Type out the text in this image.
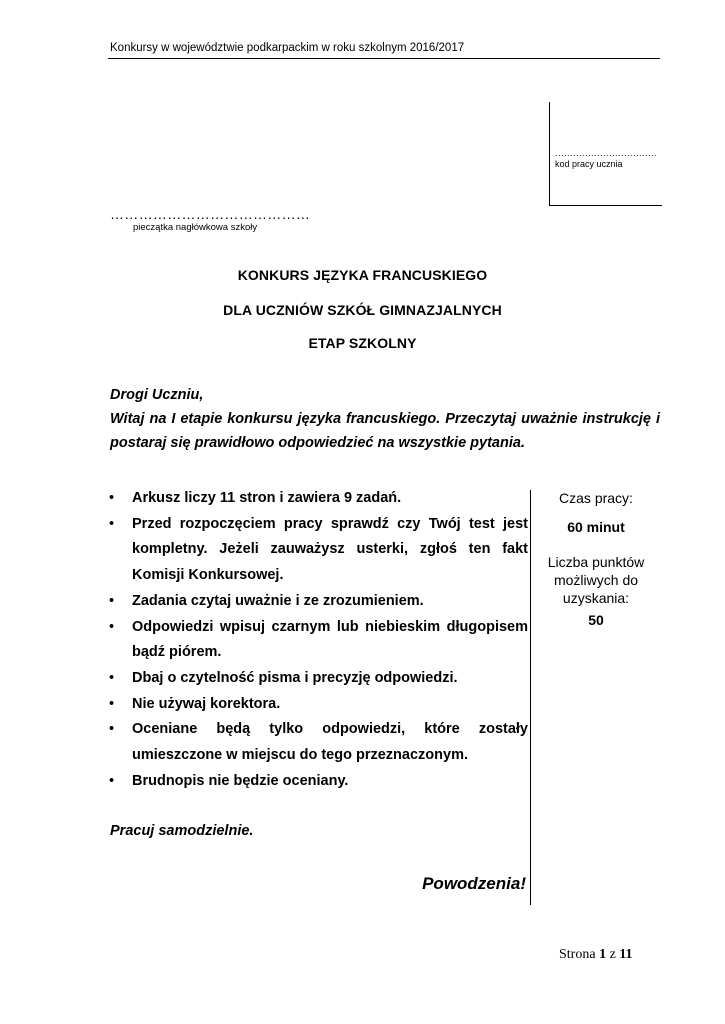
Konkursy w województwie podkarpackim w roku szkolnym 2016/2017
..................................
kod pracy ucznia
……………………………………
pieczątka nagłówkowa szkoły
KONKURS JĘZYKA FRANCUSKIEGO
DLA UCZNIÓW SZKÓŁ GIMNAZJALNYCH
ETAP SZKOLNY
Drogi Uczniu,
Witaj na I etapie konkursu języka francuskiego. Przeczytaj uważnie instrukcję i postaraj się prawidłowo odpowiedzieć na wszystkie pytania.
• Arkusz liczy 11 stron i zawiera 9 zadań.
• Przed rozpoczęciem pracy sprawdź czy Twój test jest kompletny. Jeżeli zauważysz usterki, zgłoś ten fakt Komisji Konkursowej.
• Zadania czytaj uważnie i ze zrozumieniem.
• Odpowiedzi wpisuj czarnym lub niebieskim długopisem bądź piórem.
• Dbaj o czytelność pisma i precyzję odpowiedzi.
• Nie używaj korektora.
• Oceniane będą tylko odpowiedzi, które zostały umieszczone w miejscu do tego przeznaczonym.
• Brudnopis nie będzie oceniany.
Czas pracy:
60 minut
Liczba punktów możliwych do uzyskania:
50
Pracuj samodzielnie.
Powodzenia!
Strona 1 z 11
